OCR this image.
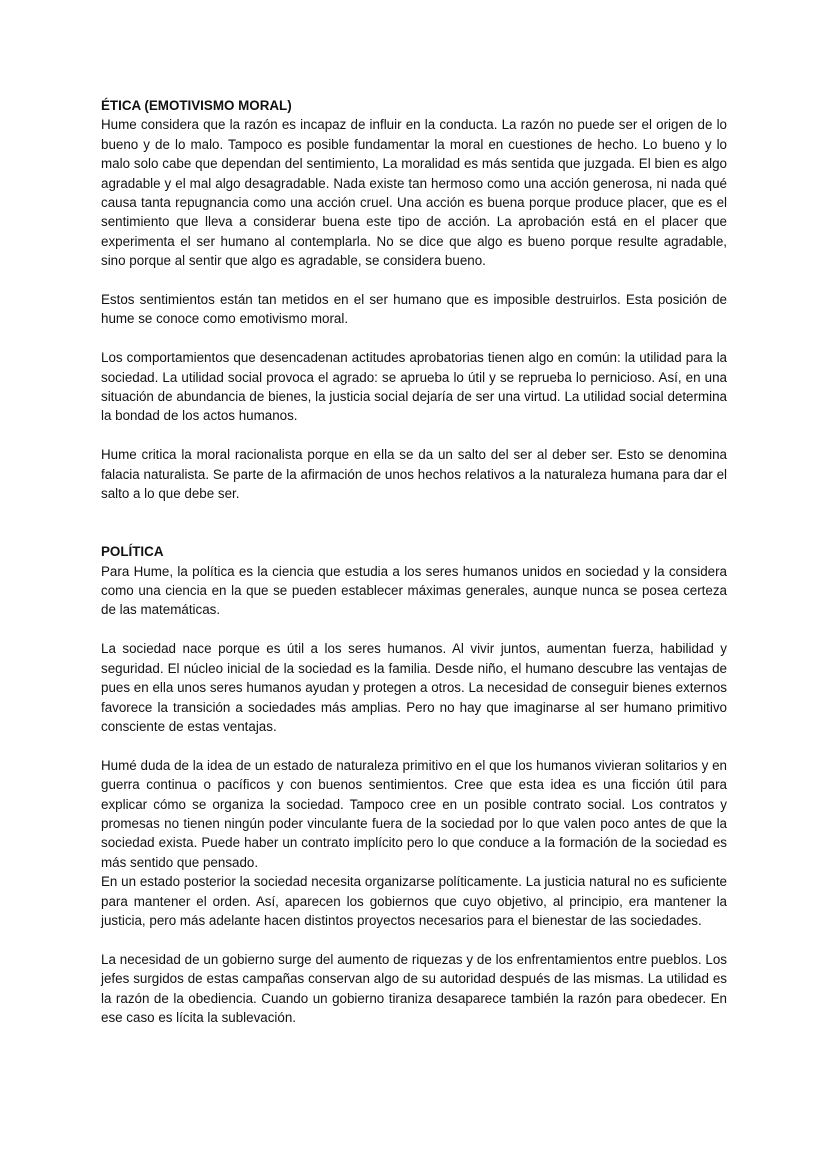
ÉTICA (EMOTIVISMO MORAL)

Hume considera que la razón es incapaz de influir en la conducta. La razón no puede ser el origen de lo bueno y de lo malo. Tampoco es posible fundamentar la moral en cuestiones de hecho. Lo bueno y lo malo solo cabe que dependan del sentimiento, La moralidad es más sentida que juzgada. El bien es algo agradable y el mal algo desagradable. Nada existe tan hermoso como una acción generosa, ni nada qué causa tanta repugnancia como una acción cruel. Una acción es buena porque produce placer, que es el sentimiento que lleva a considerar buena este tipo de acción. La aprobación está en el placer que experimenta el ser humano al contemplarla. No se dice que algo es bueno porque resulte agradable, sino porque al sentir que algo es agradable, se considera bueno.

Estos sentimientos están tan metidos en el ser humano que es imposible destruirlos. Esta posición de hume se conoce como emotivismo moral.

Los comportamientos que desencadenan actitudes aprobatorias tienen algo en común: la utilidad para la sociedad. La utilidad social provoca el agrado: se aprueba lo útil y se reprueba lo pernicioso. Así, en una situación de abundancia de bienes, la justicia social dejaría de ser una virtud. La utilidad social determina la bondad de los actos humanos.

Hume critica la moral racionalista porque en ella se da un salto del ser al deber ser. Esto se denomina falacia naturalista. Se parte de la afirmación de unos hechos relativos a la naturaleza humana para dar el salto a lo que debe ser.

POLÍTICA

Para Hume, la política es la ciencia que estudia a los seres humanos unidos en sociedad y la considera como una ciencia en la que se pueden establecer máximas generales, aunque nunca se posea certeza de las matemáticas.

La sociedad nace porque es útil a los seres humanos. Al vivir juntos, aumentan fuerza, habilidad y seguridad. El núcleo inicial de la sociedad es la familia. Desde niño, el humano descubre las ventajas de pues en ella unos seres humanos ayudan y protegen a otros. La necesidad de conseguir bienes externos favorece la transición a sociedades más amplias. Pero no hay que imaginarse al ser humano primitivo consciente de estas ventajas.

Humé duda de la idea de un estado de naturaleza primitivo en el que los humanos vivieran solitarios y en guerra continua o pacíficos y con buenos sentimientos. Cree que esta idea es una ficción útil para explicar cómo se organiza la sociedad. Tampoco cree en un posible contrato social. Los contratos y promesas no tienen ningún poder vinculante fuera de la sociedad por lo que valen poco antes de que la sociedad exista. Puede haber un contrato implícito pero lo que conduce a la formación de la sociedad es más sentido que pensado.

En un estado posterior la sociedad necesita organizarse políticamente. La justicia natural no es suficiente para mantener el orden. Así, aparecen los gobiernos que cuyo objetivo, al principio, era mantener la justicia, pero más adelante hacen distintos proyectos necesarios para el bienestar de las sociedades.

La necesidad de un gobierno surge del aumento de riquezas y de los enfrentamientos entre pueblos. Los jefes surgidos de estas campañas conservan algo de su autoridad después de las mismas. La utilidad es la razón de la obediencia. Cuando un gobierno tiraniza desaparece también la razón para obedecer. En ese caso es lícita la sublevación.
